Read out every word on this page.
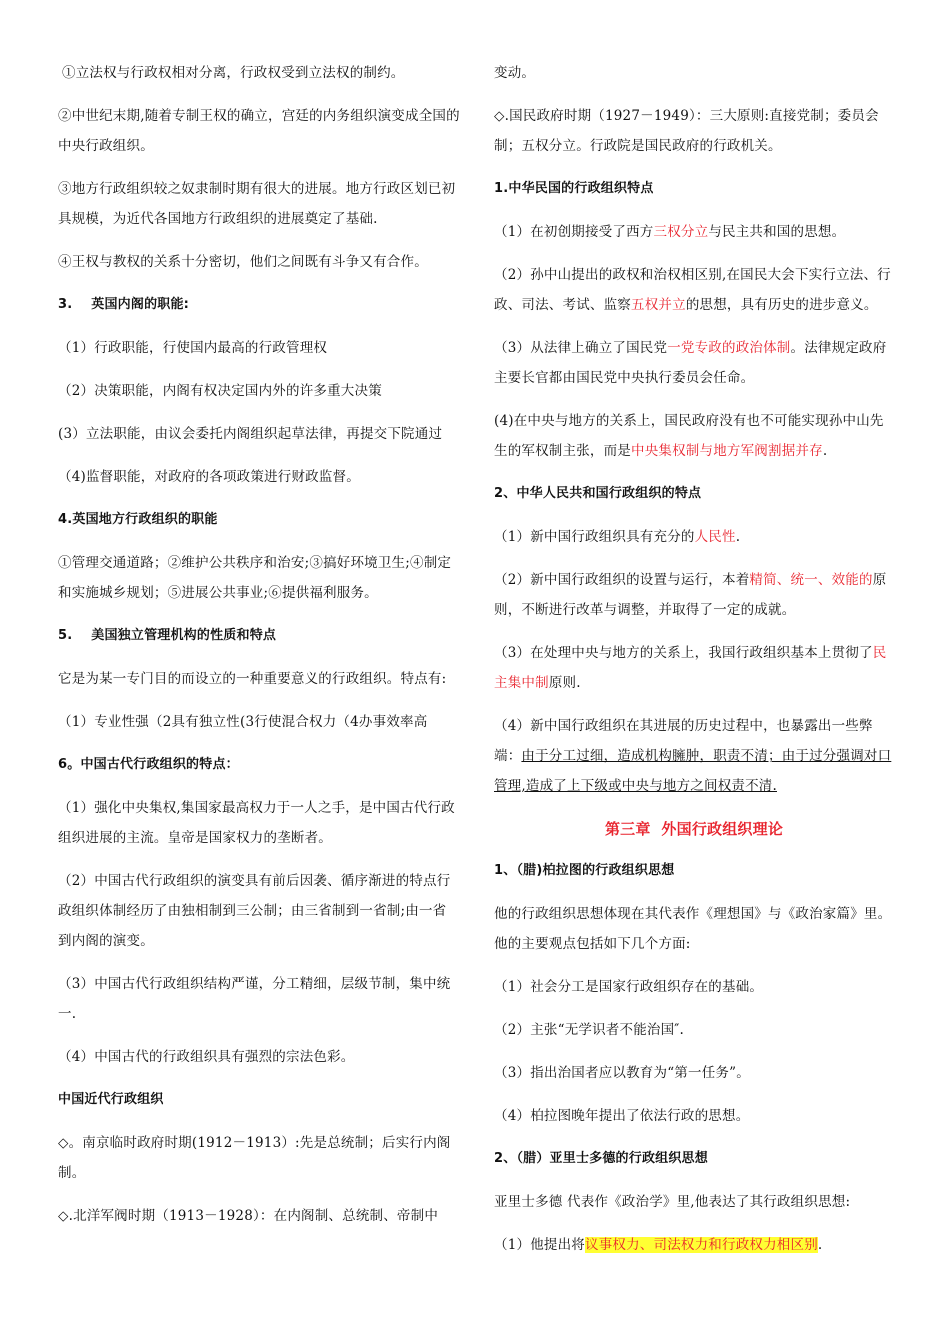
①立法权与行政权相对分离，行政权受到立法权的制约。

②中世纪末期,随着专制王权的确立，宫廷的内务组织演变成全国的中央行政组织。

③地方行政组织较之奴隶制时期有很大的进展。地方行政区划已初具规模，为近代各国地方行政组织的进展奠定了基础.

④王权与教权的关系十分密切，他们之间既有斗争又有合作。

3.    英国内阁的职能:

（1）行政职能，行使国内最高的行政管理权

（2）决策职能，内阁有权决定国内外的许多重大决策

(3）立法职能，由议会委托内阁组织起草法律，再提交下院通过

（4)监督职能，对政府的各项政策进行财政监督。

4.英国地方行政组织的职能

①管理交通道路；②维护公共秩序和治安;③搞好环境卫生;④制定和实施城乡规划；⑤进展公共事业;⑥提供福利服务。

5.    美国独立管理机构的性质和特点

它是为某一专门目的而设立的一种重要意义的行政组织。特点有:

（1）专业性强（2具有独立性(3行使混合权力（4办事效率高

6。中国古代行政组织的特点：

（1）强化中央集权,集国家最高权力于一人之手，是中国古代行政组织进展的主流。皇帝是国家权力的垄断者。

（2）中国古代行政组织的演变具有前后因袭、循序渐进的特点行政组织体制经历了由独相制到三公制；由三省制到一省制;由一省到内阁的演变。

（3）中国古代行政组织结构严谨，分工精细，层级节制，集中统一.

（4）中国古代的行政组织具有强烈的宗法色彩。

中国近代行政组织

◇。南京临时政府时期(1912－1913）:先是总统制；后实行内阁制。

◇.北洋军阀时期（1913－1928）：在内阁制、总统制、帝制中

变动。

◇.国民政府时期（1927－1949）：三大原则:直接党制；委员会制；五权分立。行政院是国民政府的行政机关。

1.中华民国的行政组织特点

（1）在初创期接受了西方三权分立与民主共和国的思想。

（2）孙中山提出的政权和治权相区别,在国民大会下实行立法、行政、司法、考试、监察五权并立的思想，具有历史的进步意义。

（3）从法律上确立了国民党一党专政的政治体制。法律规定政府主要长官都由国民党中央执行委员会任命。

(4)在中央与地方的关系上，国民政府没有也不可能实现孙中山先生的军权制主张，而是中央集权制与地方军阀割据并存.

2、中华人民共和国行政组织的特点

（1）新中国行政组织具有充分的人民性.

（2）新中国行政组织的设置与运行，本着精简、统一、效能的原则，不断进行改革与调整，并取得了一定的成就。

（3）在处理中央与地方的关系上，我国行政组织基本上贯彻了民主集中制原则.

（4）新中国行政组织在其进展的历史过程中，也暴露出一些弊端：由于分工过细，造成机构臃肿，职责不清；由于过分强调对口管理,造成了上下级或中央与地方之间权责不清.

第三章  外国行政组织理论

1、（腊)柏拉图的行政组织思想

他的行政组织思想体现在其代表作《理想国》与《政治家篇》里。他的主要观点包括如下几个方面:

（1）社会分工是国家行政组织存在的基础。

（2）主张“无学识者不能治国″.

（3）指出治国者应以教育为“第一任务”。

（4）柏拉图晚年提出了依法行政的思想。

2、（腊）亚里士多德的行政组织思想

亚里士多德 代表作《政治学》里,他表达了其行政组织思想:

（1）他提出将议事权力、司法权力和行政权力相区别.
